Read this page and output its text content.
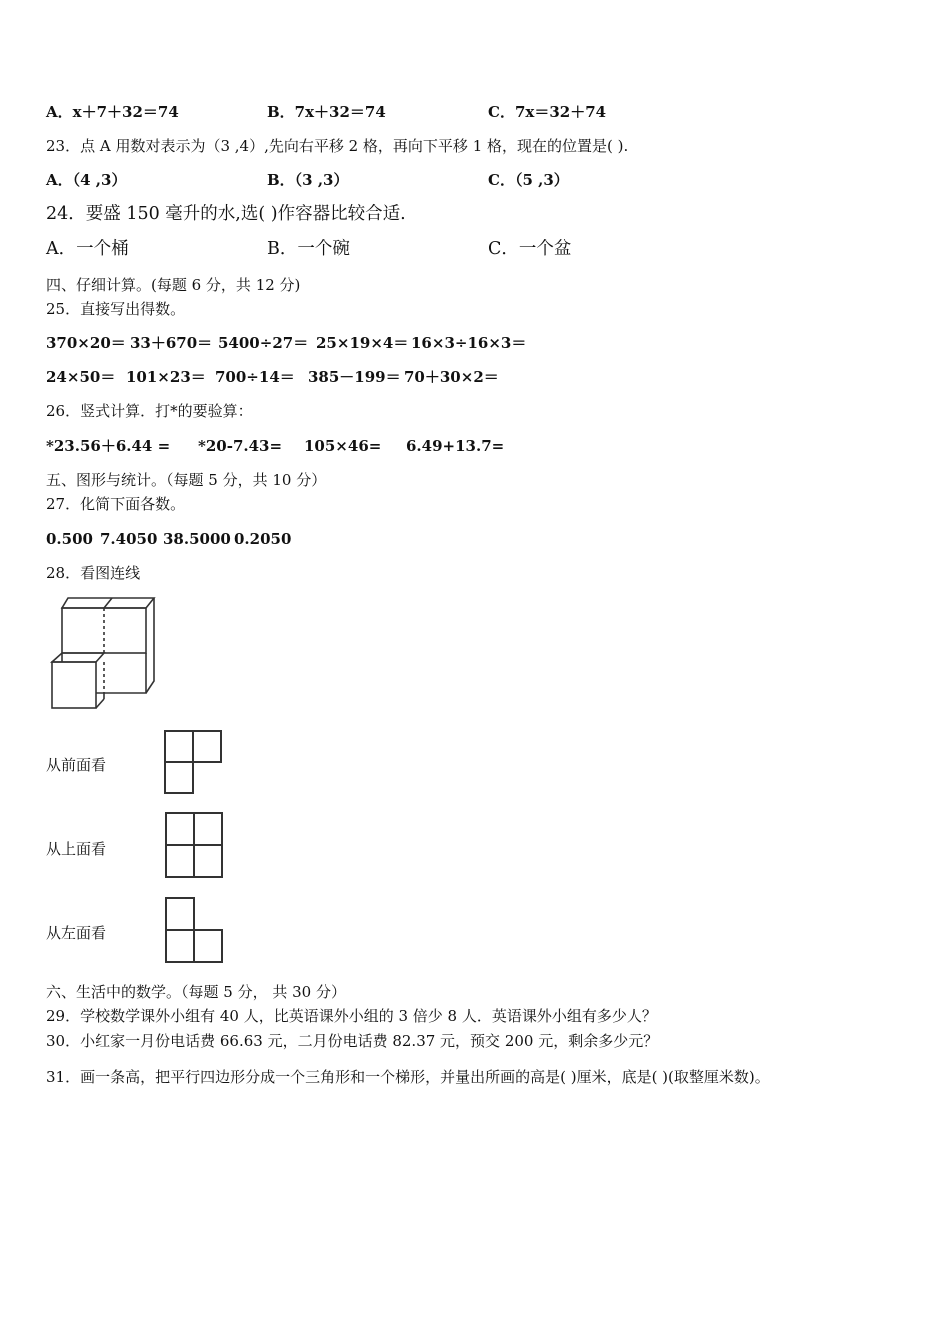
A．x＋7＋32＝74	B．7x＋32＝74	C．7x＝32＋74
23．点 A 用数对表示为（3 ,4）,先向右平移 2 格，再向下平移 1 格，现在的位置是( ).
A．（4 ,3）	B．（3 ,3）	C．（5 ,3）
24．要盛 150 毫升的水,选( )作容器比较合适.
A．一个桶	B．一个碗	C．一个盆
四、仔细计算。(每题 6 分，共 12 分)
25．直接写出得数。
370×20＝ 33＋670＝ 5400÷27＝ 25×19×4＝ 16×3÷16×3＝
24×50＝ 101×23＝ 700÷14＝ 385－199＝ 70＋30×2＝
26．竖式计算．打*的要验算：
*23.56＋6.44 = *20-7.43= 105×46= 6.49+13.7=
五、图形与统计。（每题 5 分，共 10 分）
27．化简下面各数。
0.500 7.4050 38.5000 0.2050
28．看图连线
从前面看
从上面看
从左面看
六、生活中的数学。（每题 5 分， 共 30 分）
29．学校数学课外小组有 40 人，比英语课外小组的 3 倍少 8 人．英语课外小组有多少人？
30．小红家一月份电话费 66.63 元，二月份电话费 82.37 元，预交 200 元，剩余多少元？
31．画一条高，把平行四边形分成一个三角形和一个梯形，并量出所画的高是( )厘米，底是( )(取整厘米数)。
